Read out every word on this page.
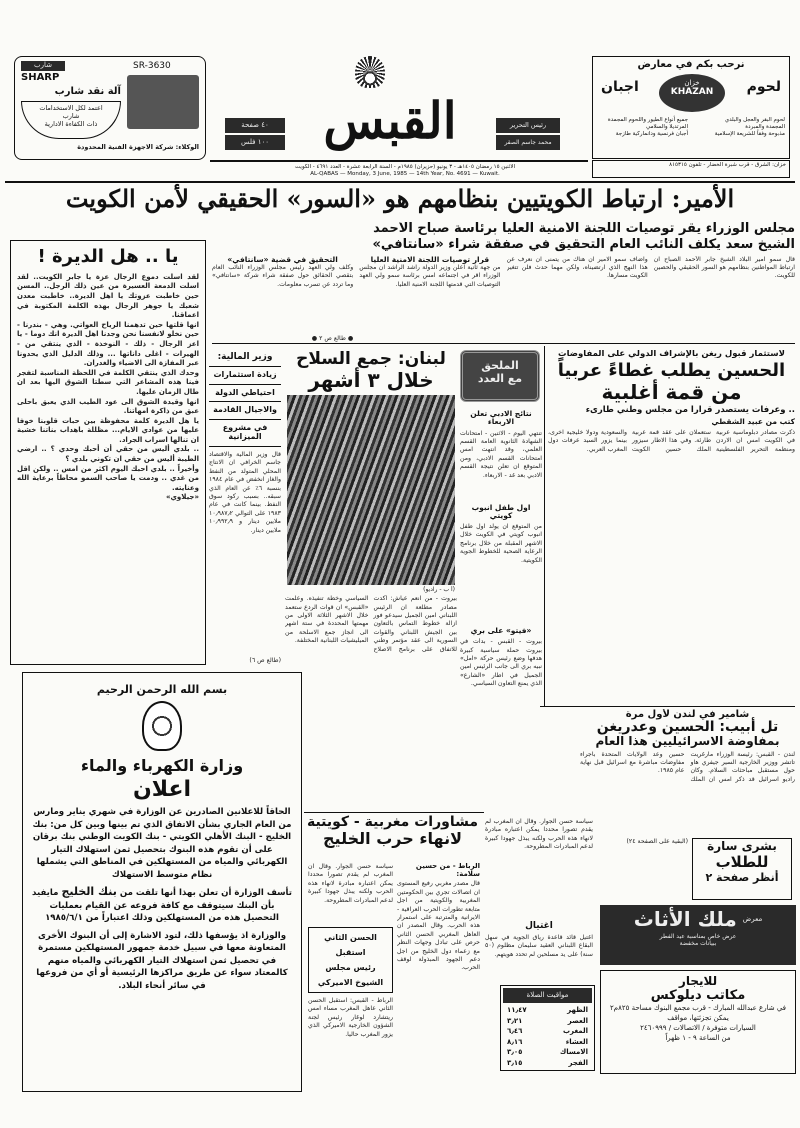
شارب
SHARP
SR-3630
آلة نقد شارب
اعتمد لكل الاستخدامات
شارب
ذات الكفاءة الادارية
الوكلاء: شركة الاجهزة الفنية المحدودة
٤٠ صفحة
١٠٠ فلس	القبس	رئيس التحرير
محمد جاسم الصقر
نرحب بكم في معارض
اجبان	لحوم
خزان
KHAZAN
لحوم البقر والعجل والبلدي
المجمدة والمبردة
مذبوحة وفقاً للشريعة الإسلامية
جميع أنواع الطيور واللحوم المجمدة
المرتديلا والسلامي
أجبان فرنسية ودانماركية طازجة
خزان: الشرق - قرب شبرة الخضار - تلفون ٨١٥٣١٥
الاثنين ١٥ رمضان ١٤٠٥هـ - ٣ يونيو (حزيران) ١٩٨٥م - السنة الرابعة عشرة - العدد ٤٦٩١ - الكويت
AL-QABAS — Monday, 3 June, 1985 — 14th Year, No. 4691 — Kuwait.
الأمير: ارتباط الكويتيين بنظامهم هو «السور» الحقيقي لأمن الكويت
مجلس الوزراء يقر توصيات اللجنة الأمنية العليا برئاسة صباح الأحمد
الشيخ سعد يكلف النائب العام التحقيق في صفقة شراء «سانتافي»
قال سمو امير البلاد الشيخ جابر الأحمد الصباح ان ارتباط المواطنين بنظامهم هو السور الحقيقي والحصين للكويت.
واضاف سمو الامير ان هناك من يتمنى ان نعرف عن هذا النهج الذي ارتضيناه، ولكن مهما حدث فلن تتغير الكويت مسارها.
قرار توصيات اللجنة الامنية العليا
من جهة ثانية اعلن وزير الدولة راشد الراشد ان مجلس الوزراء اقر في اجتماعه امس برئاسة سمو ولي العهد التوصيات التي قدمتها اللجنة الامنية العليا.
التحقيق في قضية «سانتافي»
وكلف ولي العهد رئيس مجلس الوزراء النائب العام بتقصي الحقائق حول صفقة شراء شركة «سانتافي» وما تردد عن تسرب معلومات.
● طالع ص ٢ ●
يا .. هل الديرة !

لقد اسلت دموع الرجال عزة يا جابر الكويت.. لقد اسلت الدمعة العسيرة من عين ذلك الرجل.. المسن حين خاطبت عزوتك يا اهل الديرة.. خاطبت معدن شعبك يا جوهر الرجال بهذه الكلمة المكتوبة في اعماقنا.

انها قلتها حين تدهمنا الرياح العواتي. وهي - بندرنا - حين نخلو لانفسنا نحن وجدنا اهل الديرة انك دوما - يا اعز الرجال - ذلك - النوخذة - الذي ينتقي من - الهيرات - اغلى داناتها ... وذلك الدليل الذي يحدونا عبر المفازة الى الاضياء والغدران.

وحدك الذي ينتقي الكلمة في اللحظة المناسبة لتفجر فينا هذه المشاعر التي سطتا الشوق اليها بعد ان طال الزمان عليها.

انها وقيدة الشوق الى عود الطيب الذي يعبق باحلى عبق من ذاكرة امهاتنا.

يا هل الديرة كلمة محفوظة بين حبات قلوبنا خوفا عليها من عوادي الايام... مظللة باهداب بناتنا خشية ان تنالها اسراب الجراد.

.. بلدي أليس من حقي أن أحبك وحدي ؟ .. ارضي الطيبة أليس من حقي ان تكوني بلدي ؟

وأخيراً .. بلدي احبك اليوم اكثر من امس .. ولكن اقل من غدي .. ودمت يا صاحب السمو محاطاً برعاية الله وعنايته.

«جيلاوي»

وزير المالية:
زيادة استثمارات
احتياطي الدولة
والاجيال القادمة
في مشروع الميزانية
قال وزير المالية والاقتصاد جاسم الخرافي ان الانتاج المحلي المتولد من النفط والغاز انخفض في عام ١٩٨٤ بنسبة ٦٪ عن العام الذي سبقه.. بسبب ركود سوق النفط. بينما كانت في عام ١٩٨٣ على التوالي ١٠٫٩٨٧٫٢ ملايين دينار و ١٠٫٩٩٢٫٩ ملايين دينار.
(طالع ص ٦)
لبنان: جمع السلاح
خلال ٣ أشهر
(أ ب - راديو)
بيروت - من انعم عياش: اكدت مصادر مطلعة ان الرئيس اللبناني امين الجميل سيدعو فور ازالة خطوط التماس بالتعاون بين الجيش اللبناني والقوات السورية الى عقد مؤتمر وطني للاتفاق على برنامج الاصلاح السياسي وخطة تنفيذه. وعلمت «القبس» ان قوات الردع ستعمد خلال الاشهر الثلاثة الاولى من مهمتها المحددة في ستة اشهر الى انجاز جمع الاسلحة من الميليشيات اللبنانية المختلفة.
الملحق
مع العدد
نتائج الادبي تعلن الاربعاء
تنتهي اليوم - الاثنين - امتحانات الشهادة الثانوية العامة القسم العلمي، وقد انتهت امس امتحانات القسم الادبي، ومن المتوقع ان تعلن نتيجة القسم الادبي بعد غد - الاربعاء.
اول طفل انبوب كويتي
من المتوقع ان يولد اول طفل انبوب كويتي في الكويت خلال الاشهر المقبلة من خلال برنامج الرعاية الصحية للخطوط الجوية الكويتية.
«فيتو» على بري
بيروت - القبس - بدأت في بيروت حملة سياسية كبيرة هدفها وضع رئيس حركة «امل» نبيه بري الى جانب الرئيس امين الجميل في اطار «الشارع» الذي يمنع التعاون السياسي.
لاستثمار قبول ريغن بالإشراف الدولي على المفاوضات
الحسين يطلب غطاءً عربياً
من قمة أغلبية
.. وعرفات يستصدر قرارا من مجلس وطني طارىء
كتب من عبيد الشقطي
ذكرت مصادر دبلوماسية عربية في الكويت امس ان الاردن ومنظمة التحرير الفلسطينية ستعملان على عقد قمة عربية طارئة. وفي هذا الاطار سيزور الملك حسين الكويت والسعودية ودولا خليجية اخرى، بينما يزور السيد عرفات دول المغرب العربي.
شامير في لندن لأول مرة
تل أبيب: الحسين وعدريغن
بمفاوضة الاسرائيليين هذا العام
لندن - القبس: رئيسة الوزراء مارغريت تاتشر ووزير الخارجية السير جيفري هاو حول مستقبل مباحثات السلام. وكان راديو اسرائيل قد ذكر امس ان الملك حسين وعد الولايات المتحدة باجراء مفاوضات مباشرة مع اسرائيل قبل نهاية عام ١٩٨٥.
(البقية على الصفحة ٢٤)	بشرى سارة
للطلاب
أنظر صفحة ٢
معرض
ملك الأثاث
عرض خاص بمناسبة عيد الفطر
ببيانات مخفضة
للايجار
مكاتب ديلوكس
في شارع عبدالله المبارك - قرب مجمع البنوك مساحة ٨٢٥م٢ يمكن تجزئتها، مواقف
السيارات متوفرة / الاتصالات / ٢٤٦٠٩٩٩
من الساعة ٩ - ١ ظهراً
سياسة حسن الجوار. وقال ان المغرب لم يقدم تصورا محددا يمكن اعتباره مبادرة لانهاء هذه الحرب ولكنه يبذل جهودا كبيرة لدعم المبادرات المطروحة.
اغتيال
اغتيل قائد قاعدة رياق الجوية في سهل البقاع اللبناني العقيد سليمان مظلوم (٥٠ سنة) على يد مسلحين لم تحدد هويتهم.
مواقيت الصلاة
الظهر
١١٫٤٧
العصر
٣٫٢١
المغرب
٦٫٤٦
العشاء
٨٫١٦
الامساك
٣٫٠٥
الفجر
٣٫١٥
بسم الله الرحمن الرحيم
وزارة الكهرباء والماء
اعلان
الحاقاً للاعلانين الصادرين عن الوزارة في شهري يناير ومارس من العام الجاري بشأن الاتفاق الذي تم بينها وبين كل من: بنك الخليج - البنك الأهلي الكويتي - بنك الكويت الوطني بنك برقان على أن تقوم هذه البنوك بتحصيل ثمن استهلاك التيار الكهربائي والمياه من المستهلكين في المناطق التي يشملها نظام متوسط الاستهلاك
تأسف الوزارة أن تعلن بهذا أنها تلقت من بنك الخليج مايفيد بأن البنك سيتوقف مع كافة فروعه عن القيام بعمليات التحصيل هذه من المستهلكين وذلك اعتباراً من ١٩٨٥/٦/١
والوزارة اذ يؤسفها ذلك، لتود الاشارة إلى أن البنوك الأخرى المتعاونة معها في سبيل خدمة جمهور المستهلكين مستمرة في تحصيل ثمن استهلاك التيار الكهربائي والمياه منهم كالمعتاد سواء عن طريق مراكزها الرئيسية أو أي من فروعها في سائر أنحاء البلاد.
مشاورات مغربية - كويتية
لانهاء حرب الخليج
الرباط - من حسين سلامة:
قال مصدر مغربي رفيع المستوى ان اتصالات تجري بين الحكومتين المغربية والكويتية من اجل متابعة تطورات الحرب العراقية - الايرانية والمترتبة على استمرار هذه الحرب. وقال المصدر ان العاهل المغربي الحسن الثاني حرص على تبادل وجهات النظر مع زعماء دول الخليج من اجل دعم الجهود المبذولة لوقف الحرب.
سياسة حسن الجوار. وقال ان المغرب لم يقدم تصورا محددا يمكن اعتباره مبادرة لانهاء هذه الحرب ولكنه يبذل جهودا كبيرة لدعم المبادرات المطروحة.
الحسن الثاني استقبل
رئيس مجلس
الشيوخ الاميركي
الرباط - القبس: استقبل الحسن الثاني عاهل المغرب مساء امس ريتشارد لوغار رئيس لجنة الشؤون الخارجية الاميركي الذي يزور المغرب حاليا.
